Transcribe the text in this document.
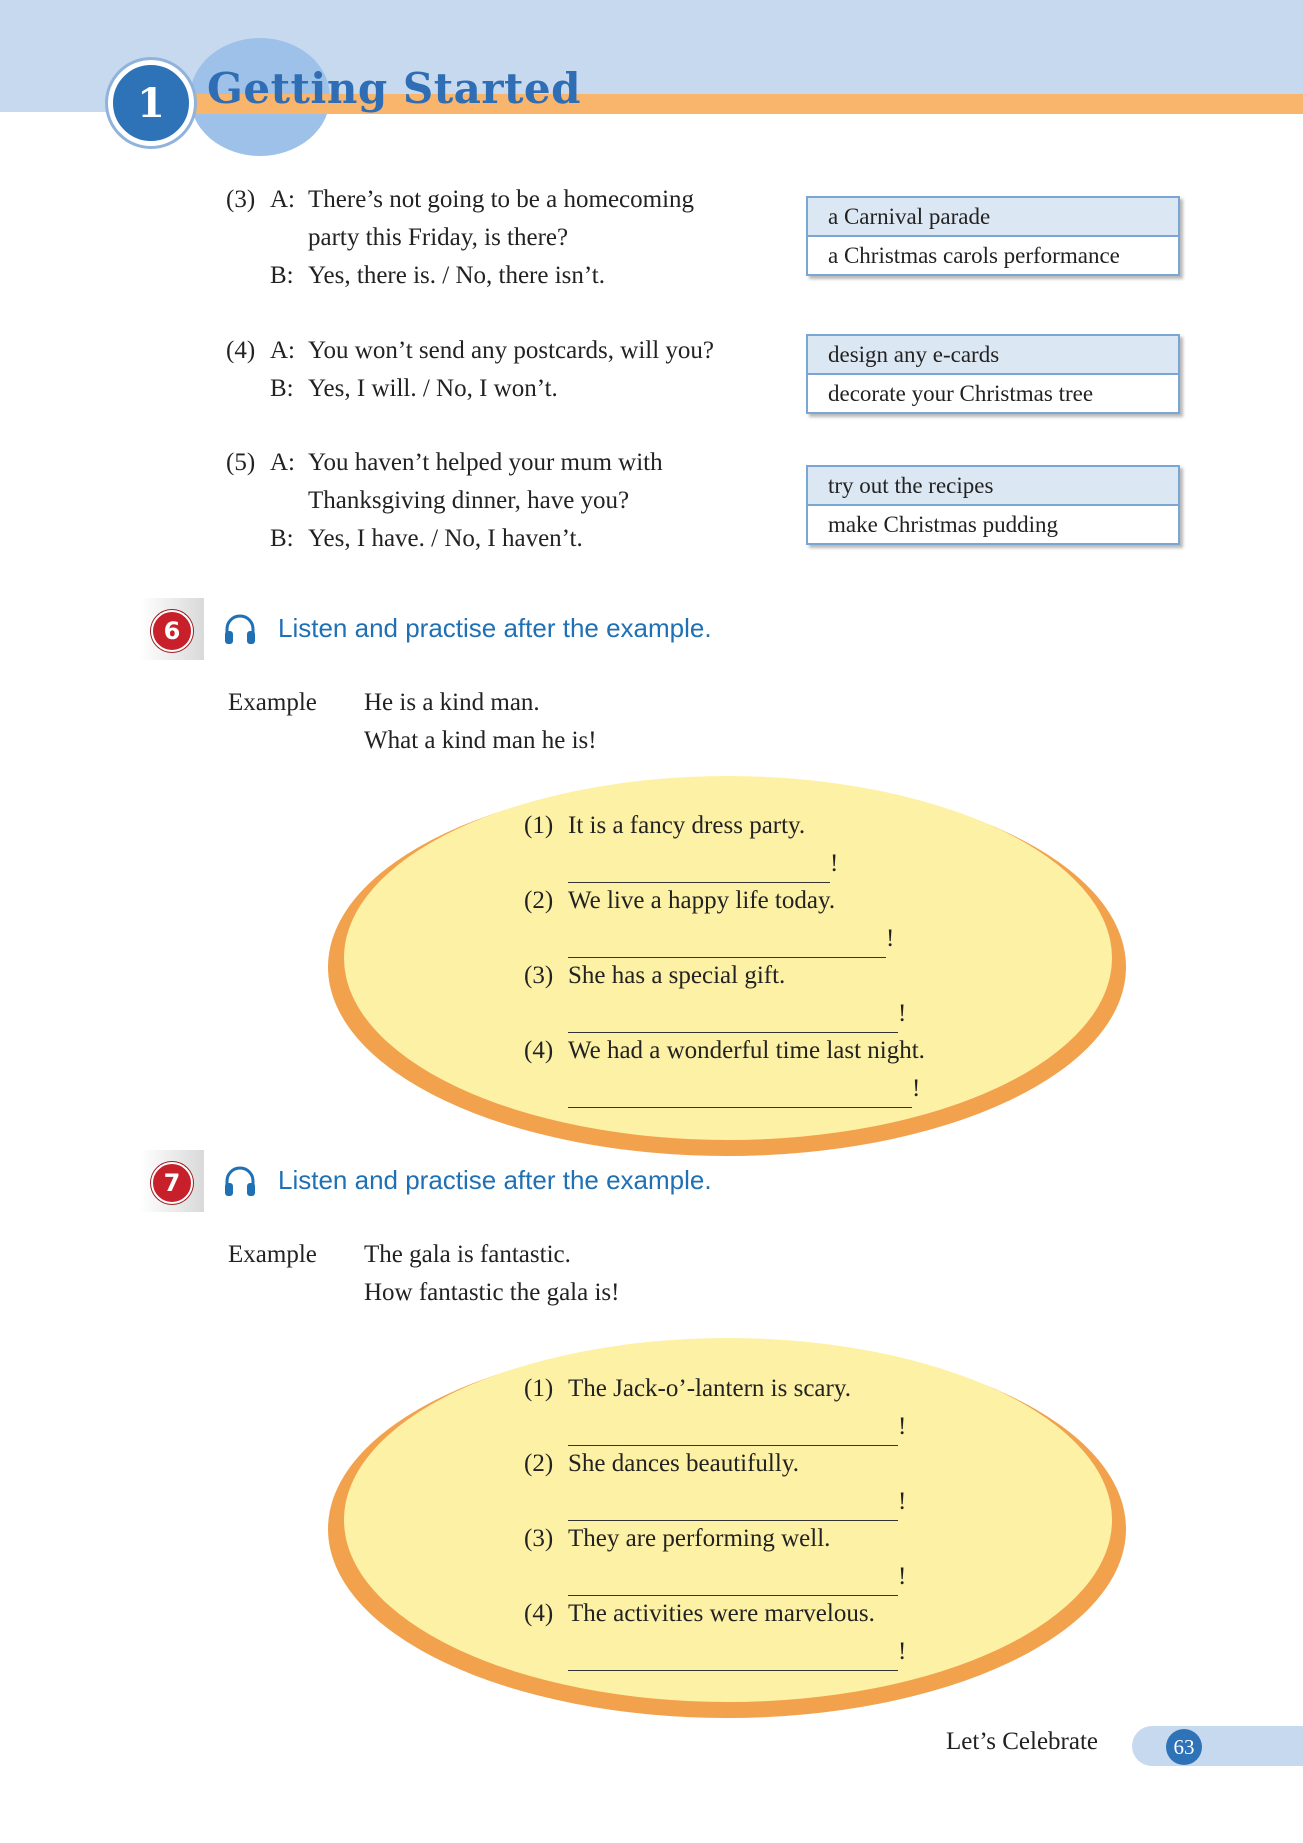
1	Getting Started
(3) A: There’s not going to be a homecoming
party this Friday, is there?
B: Yes, there is. / No, there isn’t.
(4) A: You won’t send any postcards, will you?
B: Yes, I will. / No, I won’t.
(5) A: You haven’t helped your mum with
Thanksgiving dinner, have you?
B: Yes, I have. / No, I haven’t.
a Carnival parade
a Christmas carols performance
design any e-cards
decorate your Christmas tree
try out the recipes
make Christmas pudding
6	Listen and practise after the example.
Example He is a kind man.
What a kind man he is!
(1) It is a fancy dress party.
!
(2) We live a happy life today.
!
(3) She has a special gift.
!
(4) We had a wonderful time last night.
!
7	Listen and practise after the example.
Example The gala is fantastic.
How fantastic the gala is!
(1) The Jack-o’-lantern is scary.
!
(2) She dances beautifully.
!
(3) They are performing well.
!
(4) The activities were marvelous.
!
Let’s Celebrate	63
